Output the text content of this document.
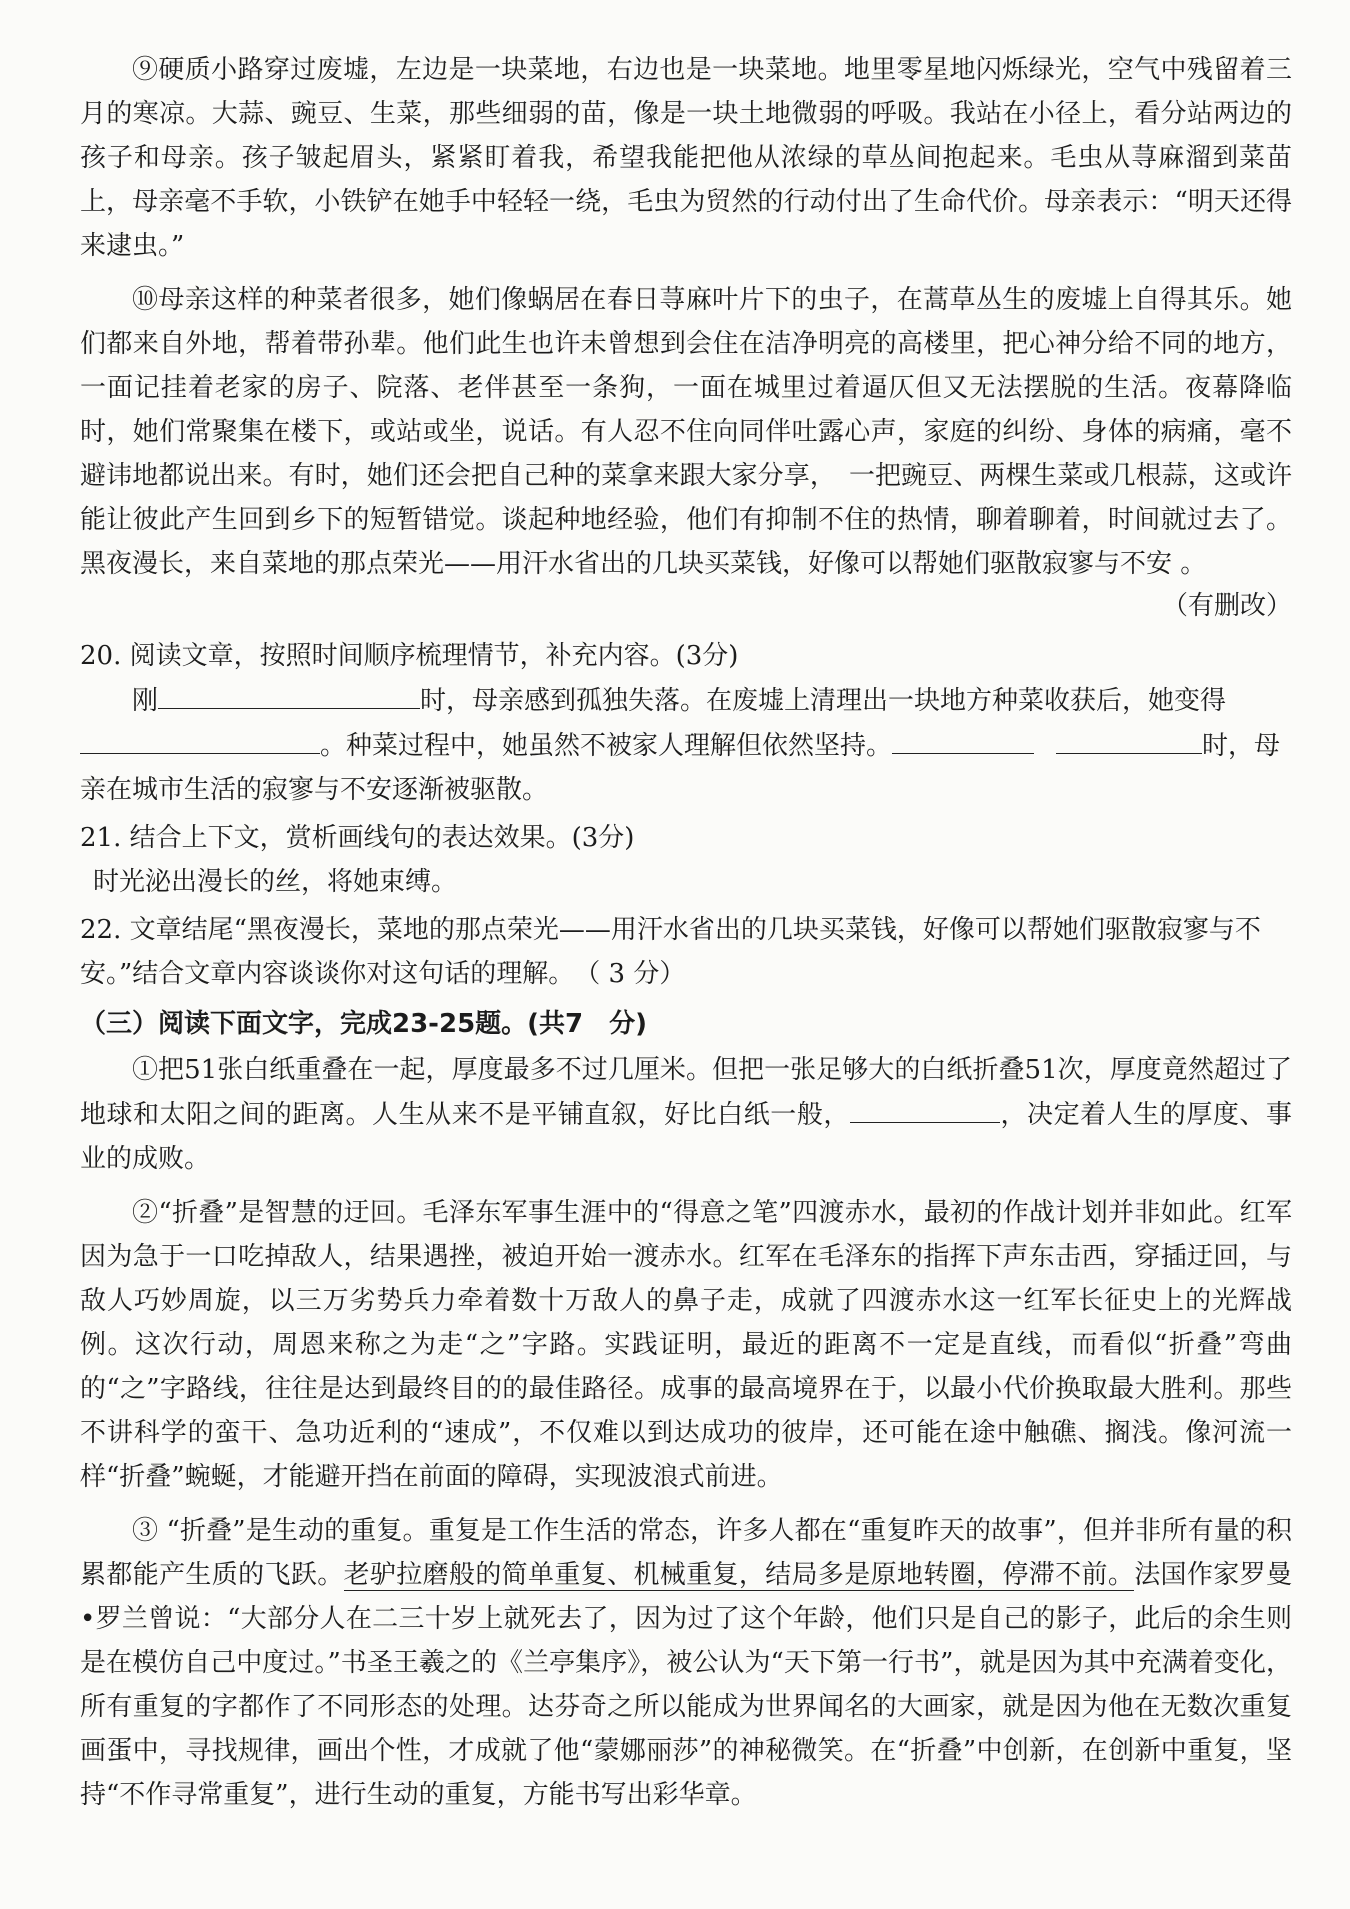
⑨硬质小路穿过废墟，左边是一块菜地，右边也是一块菜地。地里零星地闪烁绿光，空气中残留着三月的寒凉。大蒜、豌豆、生菜，那些细弱的苗，像是一块土地微弱的呼吸。我站在小径上，看分站两边的孩子和母亲。孩子皱起眉头，紧紧盯着我，希望我能把他从浓绿的草丛间抱起来。毛虫从荨麻溜到菜苗上，母亲毫不手软，小铁铲在她手中轻轻一绕，毛虫为贸然的行动付出了生命代价。母亲表示：“明天还得来逮虫。”

⑩母亲这样的种菜者很多，她们像蜗居在春日荨麻叶片下的虫子，在蒿草丛生的废墟上自得其乐。她们都来自外地，帮着带孙辈。他们此生也许未曾想到会住在洁净明亮的高楼里，把心神分给不同的地方，一面记挂着老家的房子、院落、老伴甚至一条狗，一面在城里过着逼仄但又无法摆脱的生活。夜幕降临时，她们常聚集在楼下，或站或坐，说话。有人忍不住向同伴吐露心声，家庭的纠纷、身体的病痛，毫不避讳地都说出来。有时，她们还会把自己种的菜拿来跟大家分享，　一把豌豆、两棵生菜或几根蒜，这或许能让彼此产生回到乡下的短暂错觉。谈起种地经验，他们有抑制不住的热情，聊着聊着，时间就过去了。黑夜漫长，来自菜地的那点荣光——用汗水省出的几块买菜钱，好像可以帮她们驱散寂寥与不安 。

（有删改）
20. 阅读文章，按照时间顺序梳理情节，补充内容。(3分)

刚	时，母亲感到孤独失落。在废墟上清理出一块地方种菜收获后，她变得。种菜过程中，她虽然不被家人理解但依然坚持。	时，母亲在城市生活的寂寥与不安逐渐被驱散。

21. 结合上下文，赏析画线句的表达效果。(3分)

时光泌出漫长的丝，将她束缚。

22. 文章结尾“黑夜漫长，菜地的那点荣光——用汗水省出的几块买菜钱，好像可以帮她们驱散寂寥与不安。”结合文章内容谈谈你对这句话的理解。　（ 3 分）
（三）阅读下面文字，完成23-25题。(共7　分)

①把51张白纸重叠在一起，厚度最多不过几厘米。但把一张足够大的白纸折叠51次，厚度竟然超过了地球和太阳之间的距离。人生从来不是平铺直叙，好比白纸一般，	，决定着人生的厚度、事业的成败。

②“折叠”是智慧的迂回。毛泽东军事生涯中的“得意之笔”四渡赤水，最初的作战计划并非如此。红军因为急于一口吃掉敌人，结果遇挫，被迫开始一渡赤水。红军在毛泽东的指挥下声东击西，穿插迂回，与敌人巧妙周旋，以三万劣势兵力牵着数十万敌人的鼻子走，成就了四渡赤水这一红军长征史上的光辉战例。这次行动，周恩来称之为走“之”字路。实践证明，最近的距离不一定是直线，而看似“折叠”弯曲的“之”字路线，往往是达到最终目的的最佳路径。成事的最高境界在于，以最小代价换取最大胜利。那些不讲科学的蛮干、急功近利的“速成”，不仅难以到达成功的彼岸，还可能在途中触礁、搁浅。像河流一样“折叠”蜿蜒，才能避开挡在前面的障碍，实现波浪式前进。

③ “折叠”是生动的重复。重复是工作生活的常态，许多人都在“重复昨天的故事”，但并非所有量的积累都能产生质的飞跃。老驴拉磨般的简单重复、机械重复，结局多是原地转圈，停滞不前。法国作家罗曼 •罗兰曾说：“大部分人在二三十岁上就死去了，因为过了这个年龄，他们只是自己的影子，此后的余生则是在模仿自己中度过。”书圣王羲之的《兰亭集序》，被公认为“天下第一行书”，就是因为其中充满着变化，所有重复的字都作了不同形态的处理。达芬奇之所以能成为世界闻名的大画家，就是因为他在无数次重复画蛋中，寻找规律，画出个性，才成就了他“蒙娜丽莎”的神秘微笑。在“折叠”中创新，在创新中重复，坚持“不作寻常重复”，进行生动的重复，方能书写出彩华章。
